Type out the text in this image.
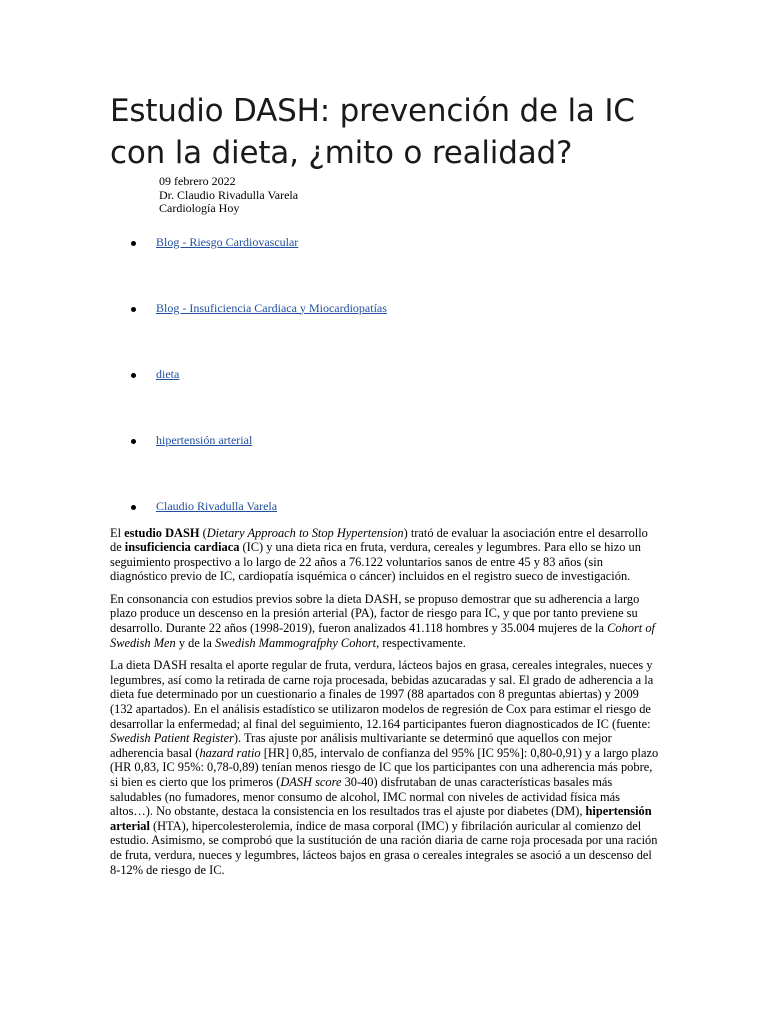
Estudio DASH: prevención de la IC con la dieta, ¿mito o realidad?
09 febrero 2022
Dr. Claudio Rivadulla Varela
Cardiología Hoy
Blog - Riesgo Cardiovascular
Blog - Insuficiencia Cardiaca y Miocardiopatías
dieta
hipertensión arterial
Claudio Rivadulla Varela

El estudio DASH (Dietary Approach to Stop Hypertension) trató de evaluar la asociación entre el desarrollo de insuficiencia cardiaca (IC) y una dieta rica en fruta, verdura, cereales y legumbres. Para ello se hizo un seguimiento prospectivo a lo largo de 22 años a 76.122 voluntarios sanos de entre 45 y 83 años (sin diagnóstico previo de IC, cardiopatía isquémica o cáncer) incluidos en el registro sueco de investigación.

En consonancia con estudios previos sobre la dieta DASH, se propuso demostrar que su adherencia a largo plazo produce un descenso en la presión arterial (PA), factor de riesgo para IC, y que por tanto previene su desarrollo. Durante 22 años (1998-2019), fueron analizados 41.118 hombres y 35.004 mujeres de la Cohort of Swedish Men y de la Swedish Mammografphy Cohort, respectivamente.

La dieta DASH resalta el aporte regular de fruta, verdura, lácteos bajos en grasa, cereales integrales, nueces y legumbres, así como la retirada de carne roja procesada, bebidas azucaradas y sal. El grado de adherencia a la dieta fue determinado por un cuestionario a finales de 1997 (88 apartados con 8 preguntas abiertas) y 2009 (132 apartados). En el análisis estadístico se utilizaron modelos de regresión de Cox para estimar el riesgo de desarrollar la enfermedad; al final del seguimiento, 12.164 participantes fueron diagnosticados de IC (fuente: Swedish Patient Register). Tras ajuste por análisis multivariante se determinó que aquellos con mejor adherencia basal (hazard ratio [HR] 0,85, intervalo de confianza del 95% [IC 95%]: 0,80-0,91) y a largo plazo (HR 0,83, IC 95%: 0,78-0,89) tenían menos riesgo de IC que los participantes con una adherencia más pobre, si bien es cierto que los primeros (DASH score 30-40) disfrutaban de unas características basales más saludables (no fumadores, menor consumo de alcohol, IMC normal con niveles de actividad física más altos…). No obstante, destaca la consistencia en los resultados tras el ajuste por diabetes (DM), hipertensión arterial (HTA), hipercolesterolemia, índice de masa corporal (IMC) y fibrilación auricular al comienzo del estudio. Asimismo, se comprobó que la sustitución de una ración diaria de carne roja procesada por una ración de fruta, verdura, nueces y legumbres, lácteos bajos en grasa o cereales integrales se asoció a un descenso del 8-12% de riesgo de IC.
